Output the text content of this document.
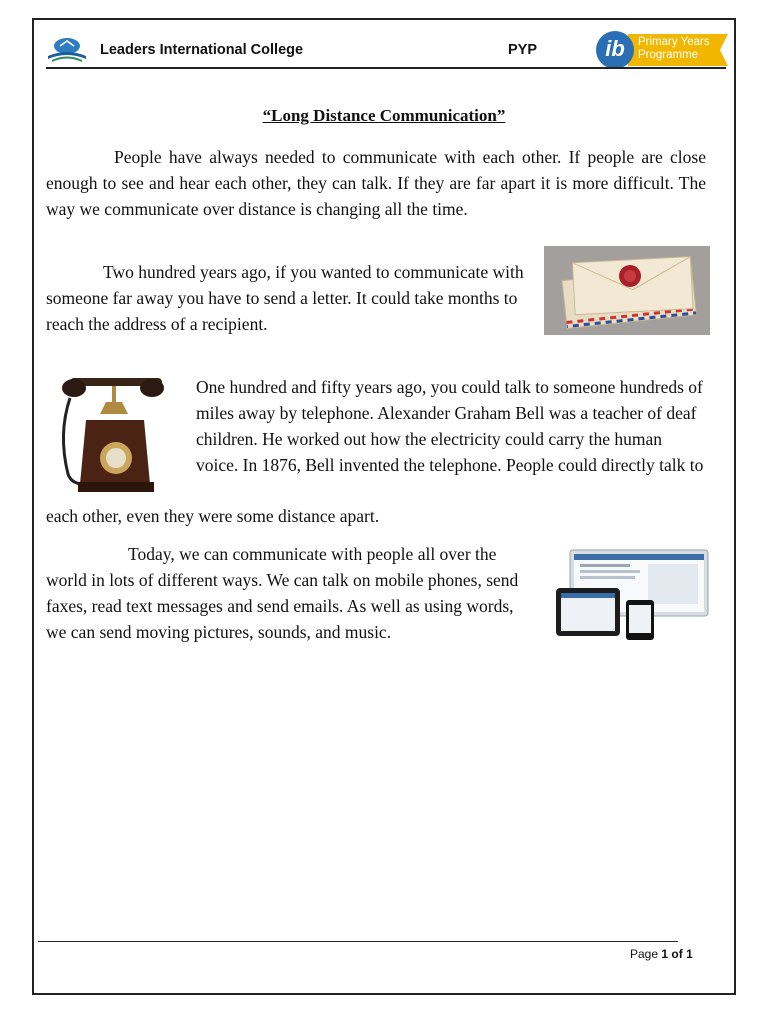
Leaders International College	PYP	ib	Primary Years
Programme
“Long Distance Communication”

People have always needed to communicate with each other. If people are close enough to see and hear each other, they can talk. If they are far apart it is more difficult. The way we communicate over distance is changing all the time.

Two hundred years ago, if you wanted to communicate with someone far away you have to send a letter. It could take months to reach the address of a recipient.

One hundred and fifty years ago, you could talk to someone hundreds of miles away by telephone. Alexander Graham Bell was a teacher of deaf children. He worked out how the electricity could carry the human voice. In 1876, Bell invented the telephone. People could directly talk to

each other, even they were some distance apart.

Today, we can communicate with people all over the world in lots of different ways. We can talk on mobile phones, send faxes, read text messages and send emails. As well as using words, we can send moving pictures, sounds, and music.

Page 1 of 1
